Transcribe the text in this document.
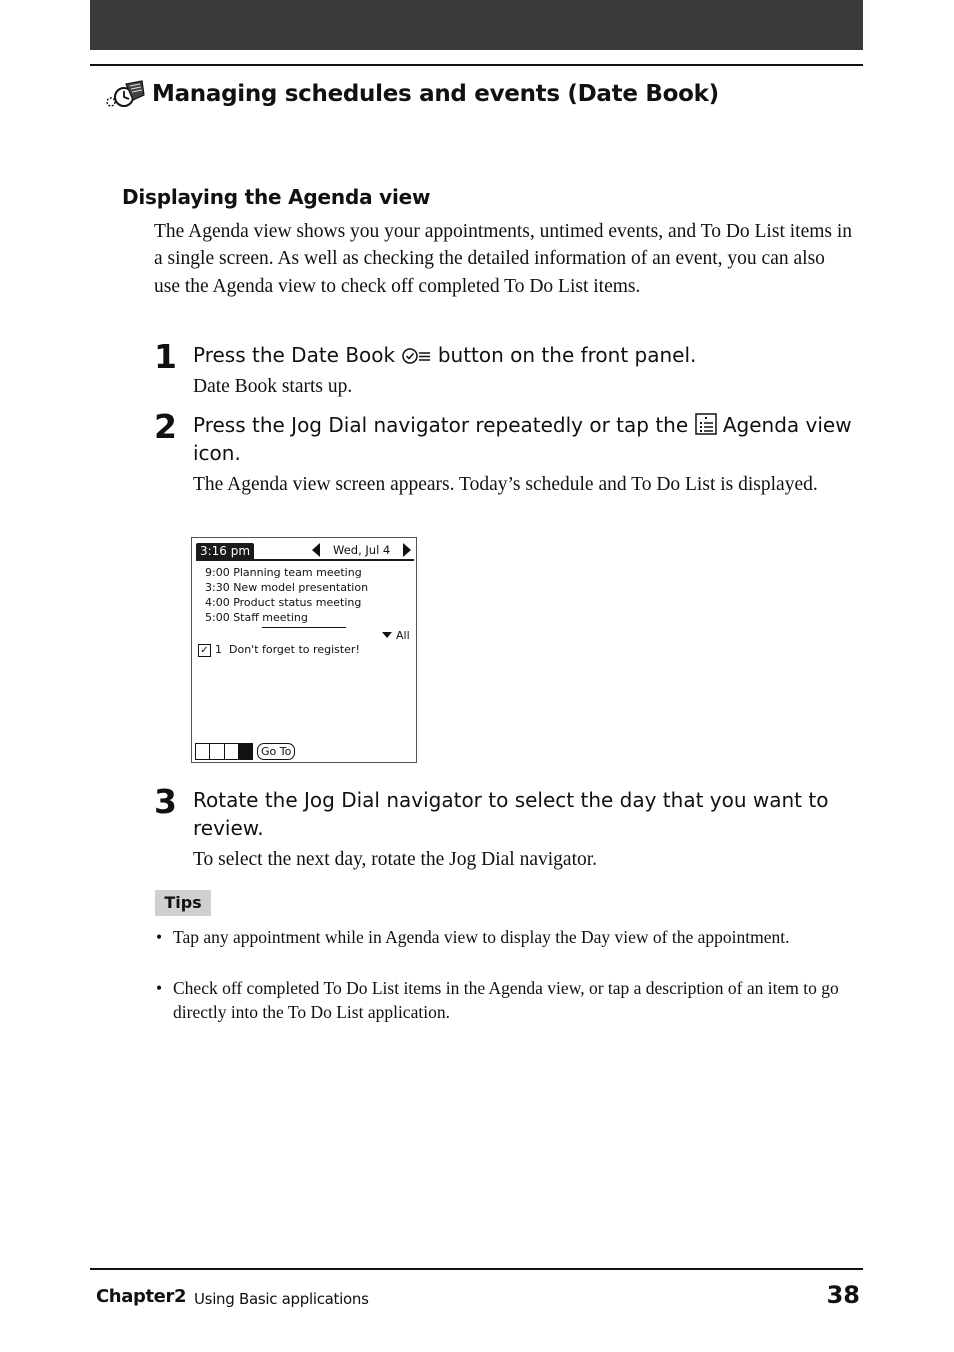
Managing schedules and events (Date Book)
Displaying the Agenda view
The Agenda view shows you your appointments, untimed events, and To Do List items in a single screen. As well as checking the detailed information of an event, you can also use the Agenda view to check off completed To Do List items.
1 Press the Date Book button on the front panel.
Date Book starts up.
2 Press the Jog Dial navigator repeatedly or tap the Agenda view icon.
The Agenda view screen appears. Today’s schedule and To Do List is displayed.
3:16 pm	Wed, Jul 4
9:00 Planning team meeting
3:30 New model presentation
4:00 Product status meeting
5:00 Staff meeting
All
✓ 1 Don't forget to register!
Go To
3 Rotate the Jog Dial navigator to select the day that you want to review.
To select the next day, rotate the Jog Dial navigator.
Tips
• Tap any appointment while in Agenda view to display the Day view of the appointment.
• Check off completed To Do List items in the Agenda view, or tap a description of an item to go directly into the To Do List application.
Chapter2 Using Basic applications	38
